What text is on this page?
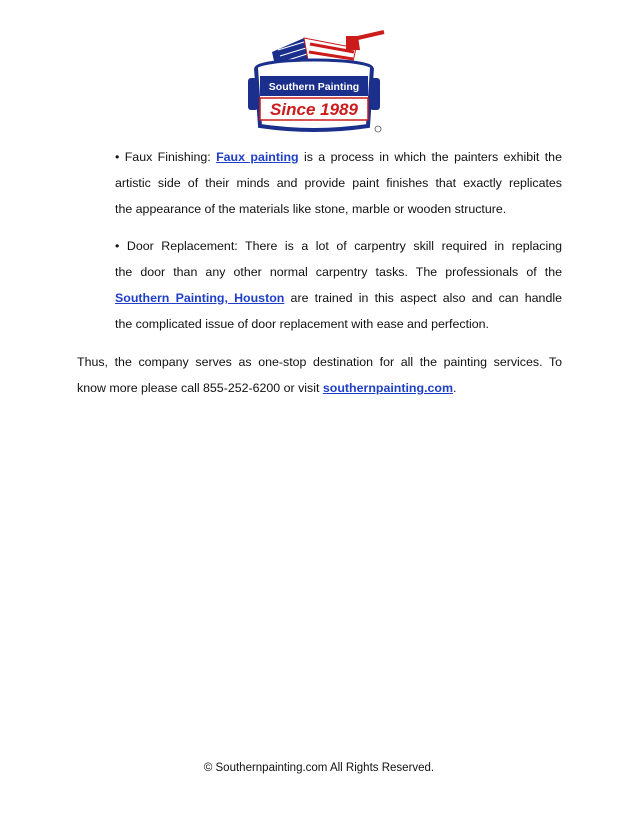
Southern Painting
Since 1989
• Faux Finishing: Faux painting is a process in which the painters exhibit the
artistic side of their minds and provide paint finishes that exactly replicates
the appearance of the materials like stone, marble or wooden structure.
• Door Replacement: There is a lot of carpentry skill required in replacing
the door than any other normal carpentry tasks. The professionals of the
Southern Painting, Houston are trained in this aspect also and can handle
the complicated issue of door replacement with ease and perfection.
Thus, the company serves as one-stop destination for all the painting services. To
know more please call 855-252-6200 or visit southernpainting.com.
© Southernpainting.com All Rights Reserved.
